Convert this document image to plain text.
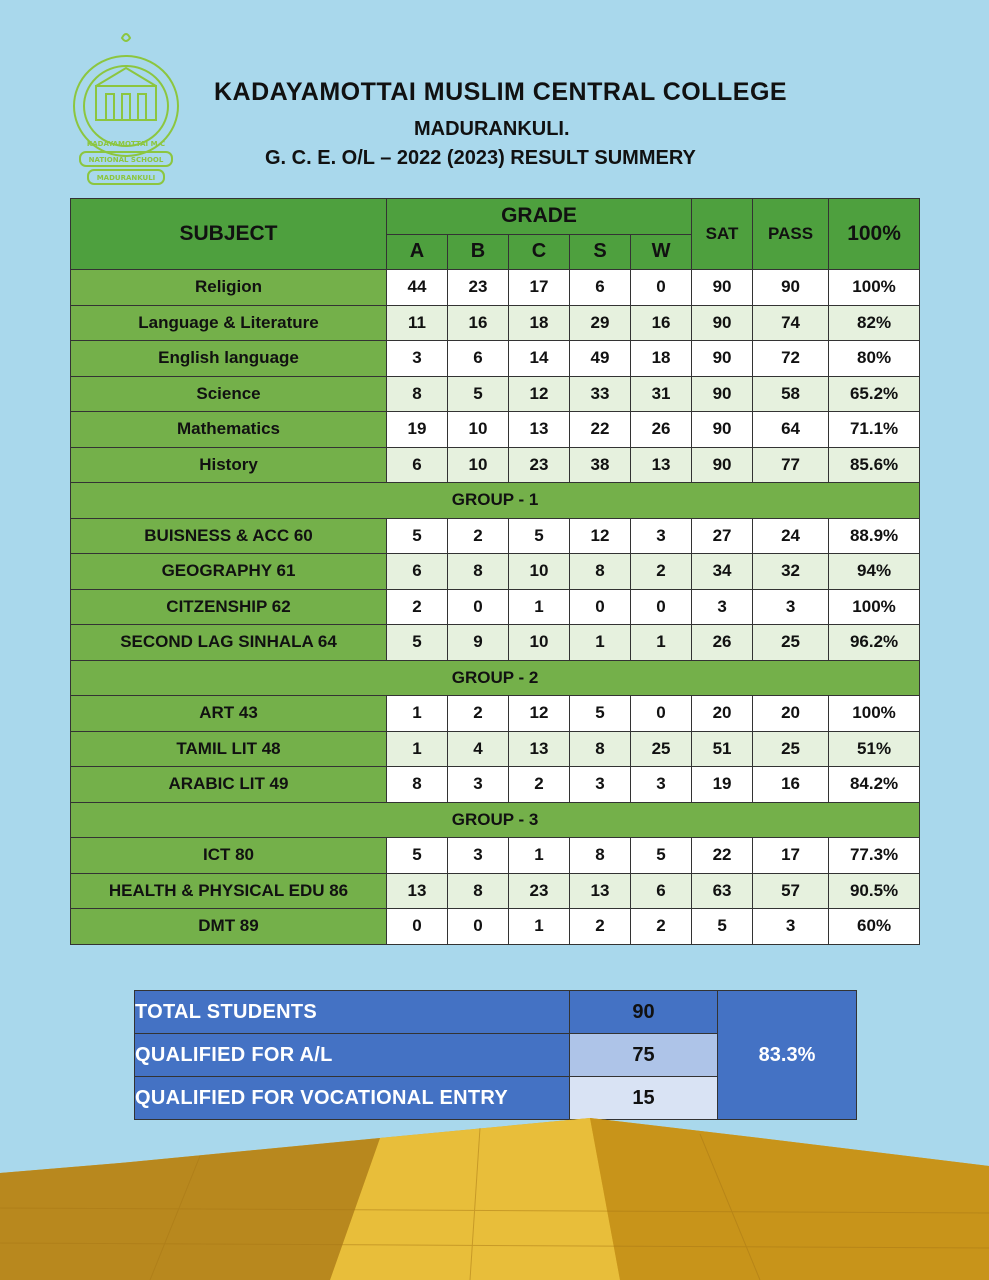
KADAYAMOTTAI M C
NATIONAL SCHOOL
MADURANKULI
KADAYAMOTTAI MUSLIM CENTRAL COLLEGE
MADURANKULI.
G. C. E. O/L – 2022 (2023) RESULT SUMMERY
SUBJECT	GRADE					SAT	PASS	100%
	A	B	C	S	W			
Religion	44	23	17	6	0	90	90	100%
Language & Literature	11	16	18	29	16	90	74	82%
English language	3	6	14	49	18	90	72	80%
Science	8	5	12	33	31	90	58	65.2%
Mathematics	19	10	13	22	26	90	64	71.1%
History	6	10	23	38	13	90	77	85.6%
GROUP - 1								
BUISNESS & ACC 60	5	2	5	12	3	27	24	88.9%
GEOGRAPHY 61	6	8	10	8	2	34	32	94%
CITZENSHIP 62	2	0	1	0	0	3	3	100%
SECOND LAG SINHALA 64	5	9	10	1	1	26	25	96.2%
GROUP - 2								
ART 43	1	2	12	5	0	20	20	100%
TAMIL LIT 48	1	4	13	8	25	51	25	51%
ARABIC LIT 49	8	3	2	3	3	19	16	84.2%
GROUP - 3								
ICT 80	5	3	1	8	5	22	17	77.3%
HEALTH & PHYSICAL EDU 86	13	8	23	13	6	63	57	90.5%
DMT 89	0	0	1	2	2	5	3	60%
TOTAL STUDENTS	90	83.3%
QUALIFIED FOR A/L	75	
QUALIFIED FOR VOCATIONAL ENTRY	15	
